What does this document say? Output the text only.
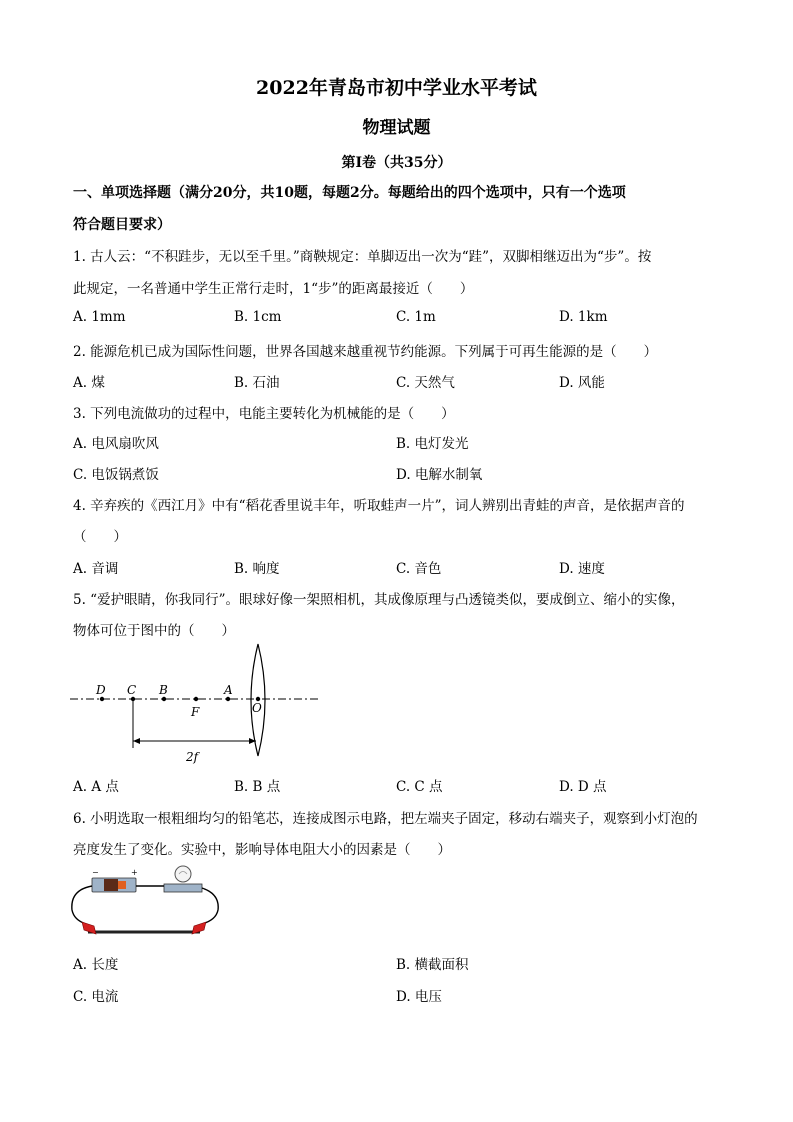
2022年青岛市初中学业水平考试
物理试题
第I卷（共35分）
一、单项选择题（满分20分，共10题，每题2分。每题给出的四个选项中，只有一个选项
符合题目要求）
1. 古人云：“不积跬步，无以至千里。”商鞅规定：单脚迈出一次为“跬”，双脚相继迈出为“步”。按
此规定，一名普通中学生正常行走时，1“步”的距离最接近（　　）
A. 1mm	B. 1cm	C. 1m	D. 1km
2. 能源危机已成为国际性问题，世界各国越来越重视节约能源。下列属于可再生能源的是（　　）
A. 煤	B. 石油	C. 天然气	D. 风能
3. 下列电流做功的过程中，电能主要转化为机械能的是（　　）
A. 电风扇吹风	B. 电灯发光
C. 电饭锅煮饭	D. 电解水制氧
4. 辛弃疾的《西江月》中有“稻花香里说丰年，听取蛙声一片”，词人辨别出青蛙的声音，是依据声音的
（　　）
A. 音调	B. 响度	C. 音色	D. 速度
5. “爱护眼睛，你我同行”。眼球好像一架照相机，其成像原理与凸透镜类似，要成倒立、缩小的实像，
物体可位于图中的（　　）
D C B
F
A
O
2f
A. A 点	B. B 点	C. C 点	D. D 点
6. 小明选取一根粗细均匀的铅笔芯，连接成图示电路，把左端夹子固定，移动右端夹子，观察到小灯泡的
亮度发生了变化。实验中，影响导体电阻大小的因素是（　　）
−	+
A. 长度	B. 横截面积
C. 电流	D. 电压
